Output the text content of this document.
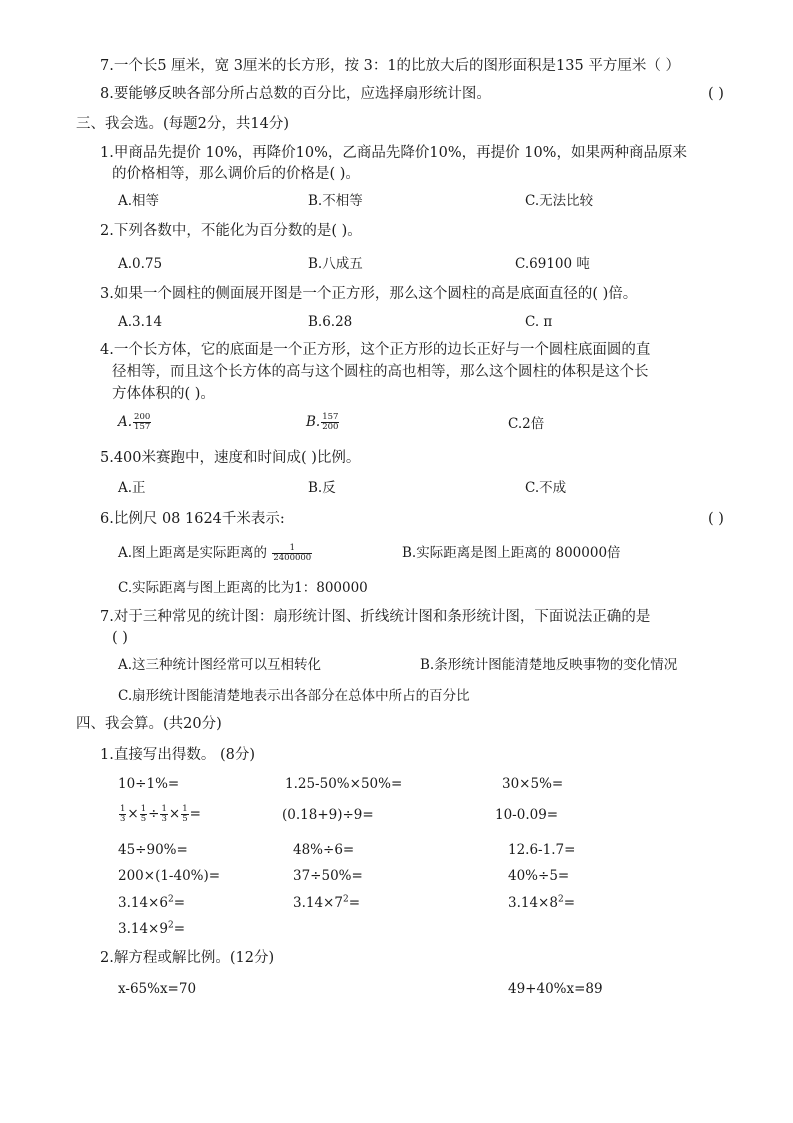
7.一个长5 厘米，宽 3厘米的长方形，按 3：1的比放大后的图形面积是135 平方厘米（ ）
8.要能够反映各部分所占总数的百分比，应选择扇形统计图。	( )
三、我会选。(每题2分，共14分)
1.甲商品先提价 10%，再降价10%，乙商品先降价10%，再提价 10%，如果两种商品原来
的价格相等，那么调价后的价格是( )。
A.相等	B.不相等	C.无法比较
2.下列各数中，不能化为百分数的是( )。
A.0.75	B.八成五	C.69100 吨
3.如果一个圆柱的侧面展开图是一个正方形，那么这个圆柱的高是底面直径的( )倍。
A.3.14	B.6.28	C. π
4.一个长方体，它的底面是一个正方形，这个正方形的边长正好与一个圆柱底面圆的直
径相等，而且这个长方体的高与这个圆柱的高也相等，那么这个圆柱的体积是这个长
方体体积的( )。
A. $\frac{200}{157}$	B. $\frac{157}{200}$	C.2倍
5.400米赛跑中，速度和时间成( )比例。
A.正	B.反	C.不成
6.比例尺 08 1624千米表示:	( )
A.图上距离是实际距离的 $\frac{1}{2400000}$	B.实际距离是图上距离的 800000倍
C.实际距离与图上距离的比为1：800000
7.对于三种常见的统计图：扇形统计图、折线统计图和条形统计图，下面说法正确的是
( )
A.这三种统计图经常可以互相转化	B.条形统计图能清楚地反映事物的变化情况
C.扇形统计图能清楚地表示出各部分在总体中所占的百分比
四、我会算。(共20分)
1.直接写出得数。 (8分)
10÷1%=	1.25-50%×50%=	30×5%=
$\frac{1}{3} \times \frac{1}{5} \div \frac{1}{3} \times \frac{1}{5}$ =	(0.18+9)÷9=	10-0.09=
45÷90%=	48%÷6=	12.6-1.7=
200×(1-40%)=	37÷50%=	40%÷5=
$3.14\times 6^2=$	$3.14\times 7^2=$	$3.14\times 8^2=$
$3.14\times 9^2=$
2.解方程或解比例。(12分)
x-65%x=70	49+40%x=89
